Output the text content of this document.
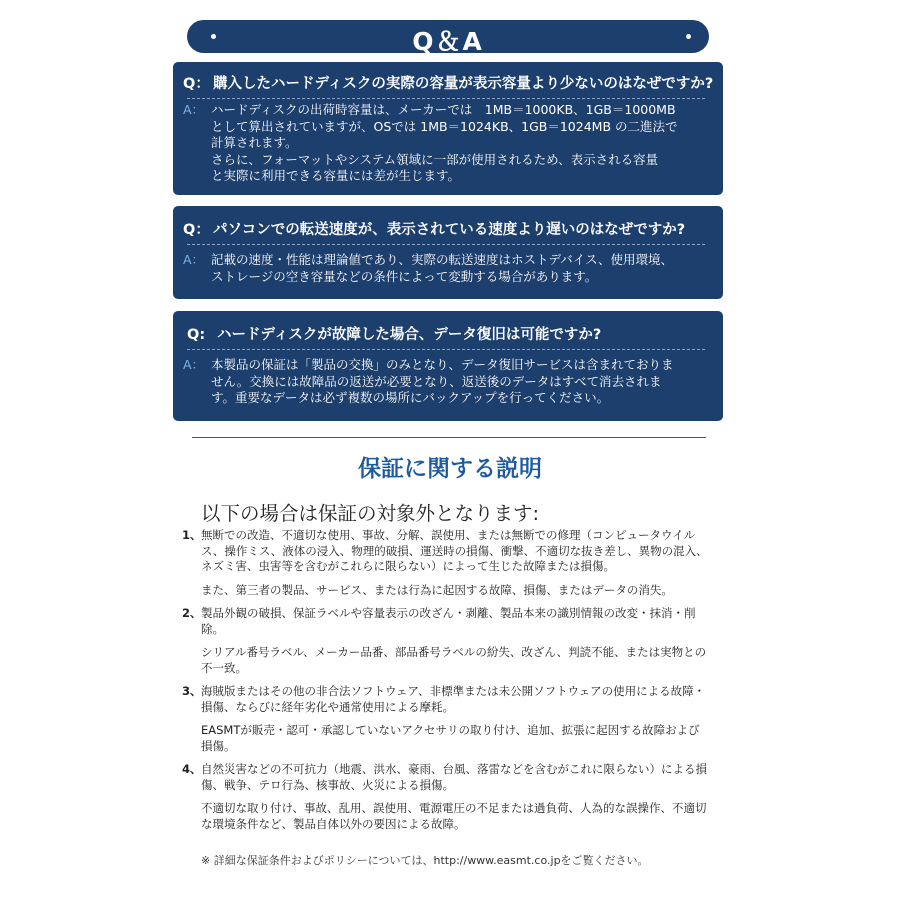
Q＆A
Q： 購入したハードディスクの実際の容量が表示容量より少ないのはなぜですか?
A： ハードディスクの出荷時容量は、メーカーでは　1MB＝1000KB、1GB＝1000MB

として算出されていますが、OSでは 1MB＝1024KB、1GB＝1024MB の二進法で

計算されます。

さらに、フォーマットやシステム領域に一部が使用されるため、表示される容量

と実際に利用できる容量には差が生じます。

Q： パソコンでの転送速度が、表示されている速度より遅いのはなぜですか?
A： 記載の速度・性能は理論値であり、実際の転送速度はホストデバイス、使用環境、

ストレージの空き容量などの条件によって変動する場合があります。

Q: ハードディスクが故障した場合、データ復旧は可能ですか?
A： 本製品の保証は「製品の交換」のみとなり、データ復旧サービスは含まれておりま

せん。交換には故障品の返送が必要となり、返送後のデータはすべて消去されま

す。重要なデータは必ず複数の場所にバックアップを行ってください。

保証に関する説明
以下の場合は保証の対象外となります:
1、 無断での改造、不適切な使用、事故、分解、誤使用、または無断での修理（コンピュータウイルス、操作ミス、液体の浸入、物理的破損、運送時の損傷、衝撃、不適切な抜き差し、異物の混入、ネズミ害、虫害等を含むがこれらに限らない）によって生じた故障または損傷。

また、第三者の製品、サービス、または行為に起因する故障、損傷、またはデータの消失。

2、 製品外観の破損、保証ラベルや容量表示の改ざん・剥離、製品本来の識別情報の改変・抹消・削除。

シリアル番号ラベル、メーカー品番、部品番号ラベルの紛失、改ざん、判読不能、または実物との不一致。

3、 海賊版またはその他の非合法ソフトウェア、非標準または未公開ソフトウェアの使用による故障・損傷、ならびに経年劣化や通常使用による摩耗。

EASMTが販売・認可・承認していないアクセサリの取り付け、追加、拡張に起因する故障および損傷。

4、 自然災害などの不可抗力（地震、洪水、豪雨、台風、落雷などを含むがこれに限らない）による損傷、戦争、テロ行為、核事故、火災による損傷。

不適切な取り付け、事故、乱用、誤使用、電源電圧の不足または過負荷、人為的な誤操作、不適切な環境条件など、製品自体以外の要因による故障。

※ 詳細な保証条件およびポリシーについては、http://www.easmt.co.jpをご覧ください。
